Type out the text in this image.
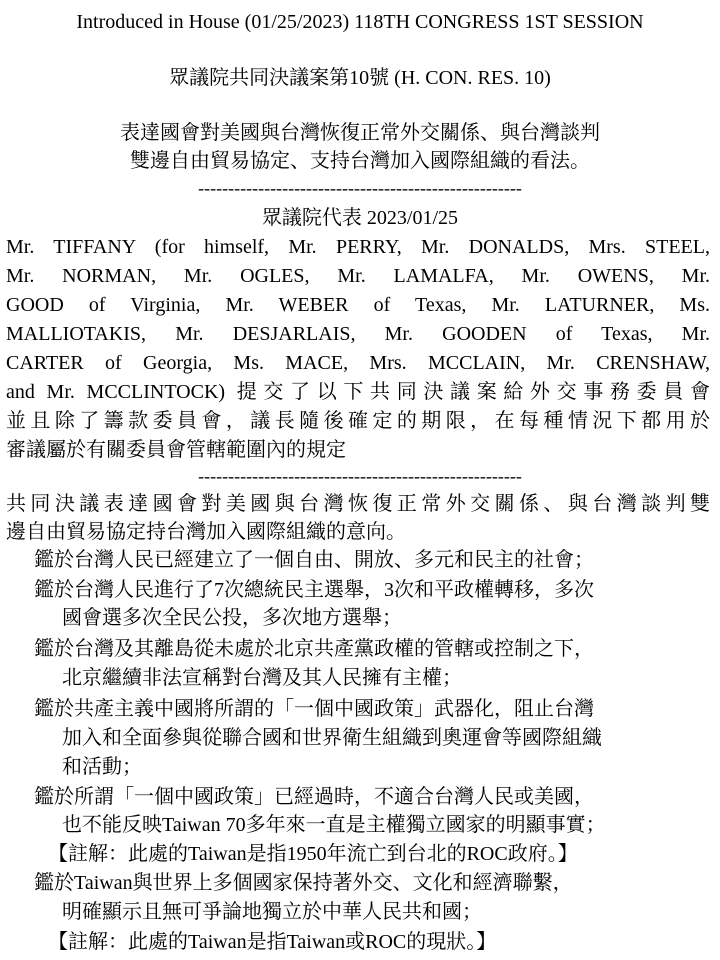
Introduced in House (01/25/2023) 118TH CONGRESS 1ST SESSION
眾議院共同決議案第10號 (H. CON. RES. 10)
表達國會對美國與台灣恢復正常外交關係、與台灣談判
雙邊自由貿易協定、支持台灣加入國際組織的看法。
------------------------------------------------------
眾議院代表 2023/01/25
Mr. TIFFANY (for himself, Mr. PERRY, Mr. DONALDS, Mrs. STEEL,
Mr. NORMAN, Mr. OGLES, Mr. LAMALFA, Mr. OWENS, Mr.
GOOD of Virginia, Mr. WEBER of Texas, Mr. LATURNER, Ms.
MALLIOTAKIS, Mr. DESJARLAIS, Mr. GOODEN of Texas, Mr.
CARTER of Georgia, Ms. MACE, Mrs. MCCLAIN, Mr. CRENSHAW,
and Mr. MCCLINTOCK) 提交了以下共同決議案給外交事務委員會
並且除了籌款委員會，議長隨後確定的期限，在每種情況下都用於
審議屬於有關委員會管轄範圍內的規定
------------------------------------------------------
共同決議表達國會對美國與台灣恢復正常外交關係、與台灣談判雙
邊自由貿易協定持台灣加入國際組織的意向。
鑑於台灣人民已經建立了一個自由、開放、多元和民主的社會；
鑑於台灣人民進行了7次總統民主選舉，3次和平政權轉移，多次
國會選多次全民公投，多次地方選舉；
鑑於台灣及其離島從未處於北京共產黨政權的管轄或控制之下，
北京繼續非法宣稱對台灣及其人民擁有主權；
鑑於共產主義中國將所謂的「一個中國政策」武器化，阻止台灣
加入和全面參與從聯合國和世界衛生組織到奧運會等國際組織
和活動；
鑑於所謂「一個中國政策」已經過時，不適合台灣人民或美國，
也不能反映Taiwan 70多年來一直是主權獨立國家的明顯事實；
【註解：此處的Taiwan是指1950年流亡到台北的ROC政府。】
鑑於Taiwan與世界上多個國家保持著外交、文化和經濟聯繫，
明確顯示且無可爭論地獨立於中華人民共和國；
【註解：此處的Taiwan是指Taiwan或ROC的現狀。】
